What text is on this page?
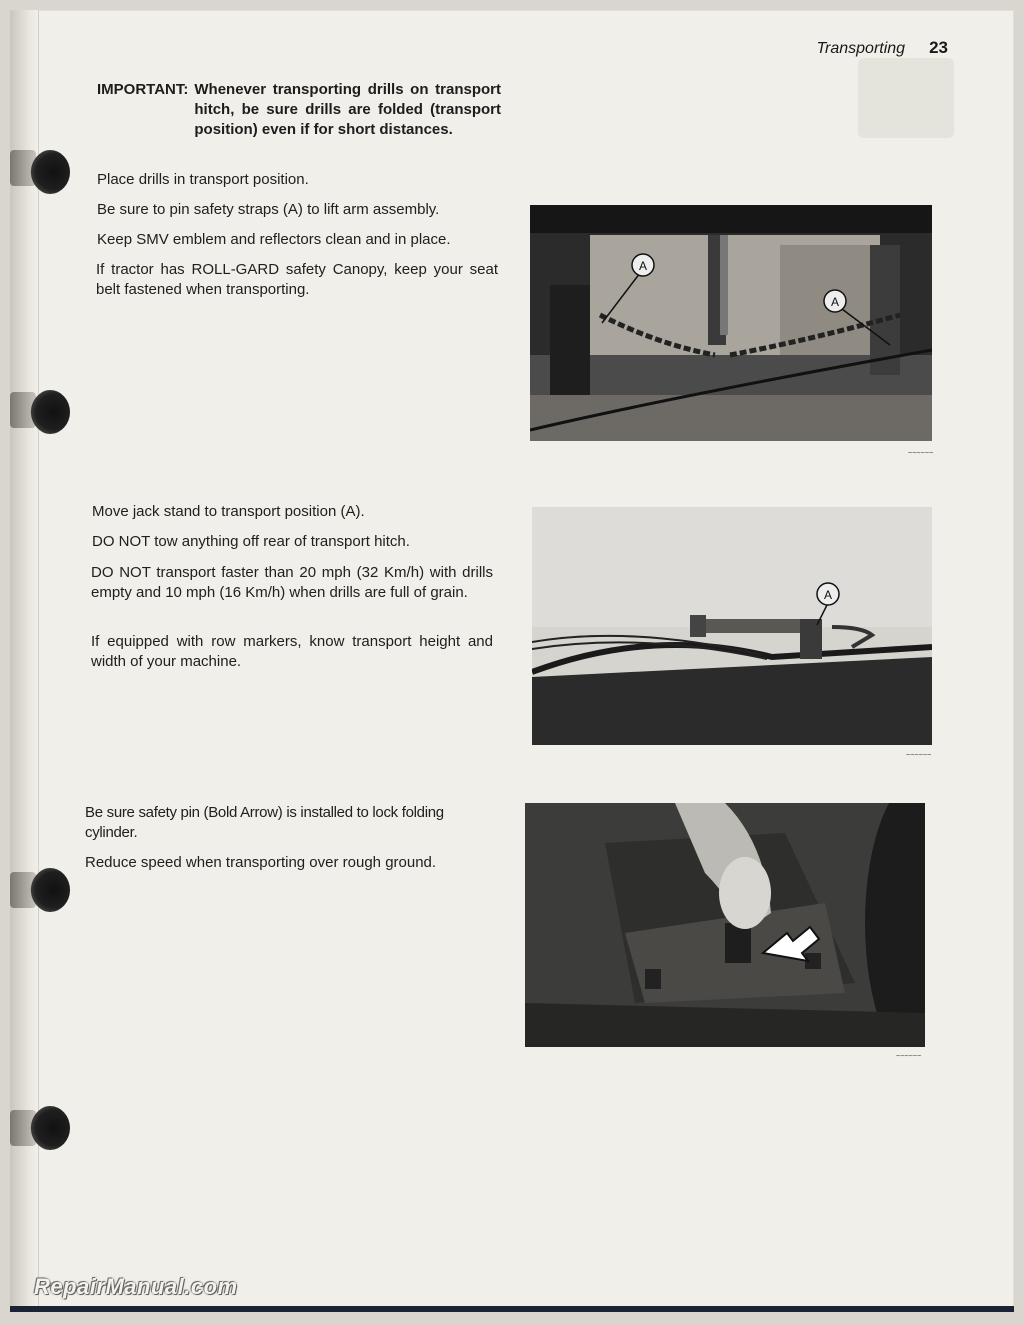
Transporting 23
IMPORTANT: Whenever transporting drills on transport hitch, be sure drills are folded (transport position) even if for short distances.
Place drills in transport position.
Be sure to pin safety straps (A) to lift arm assembly.
Keep SMV emblem and reflectors clean and in place.
If tractor has ROLL-GARD safety Canopy, keep your seat belt fastened when transporting.
A
A
~~~~~~
Move jack stand to transport position (A).
DO NOT tow anything off rear of transport hitch.
DO NOT transport faster than 20 mph (32 Km/h) with drills empty and 10 mph (16 Km/h) when drills are full of grain.
If equipped with row markers, know transport height and width of your machine.
A
~~~~~~
Be sure safety pin (Bold Arrow) is installed to lock folding cylinder.
Reduce speed when transporting over rough ground.
~~~~~~
RepairManual.com
